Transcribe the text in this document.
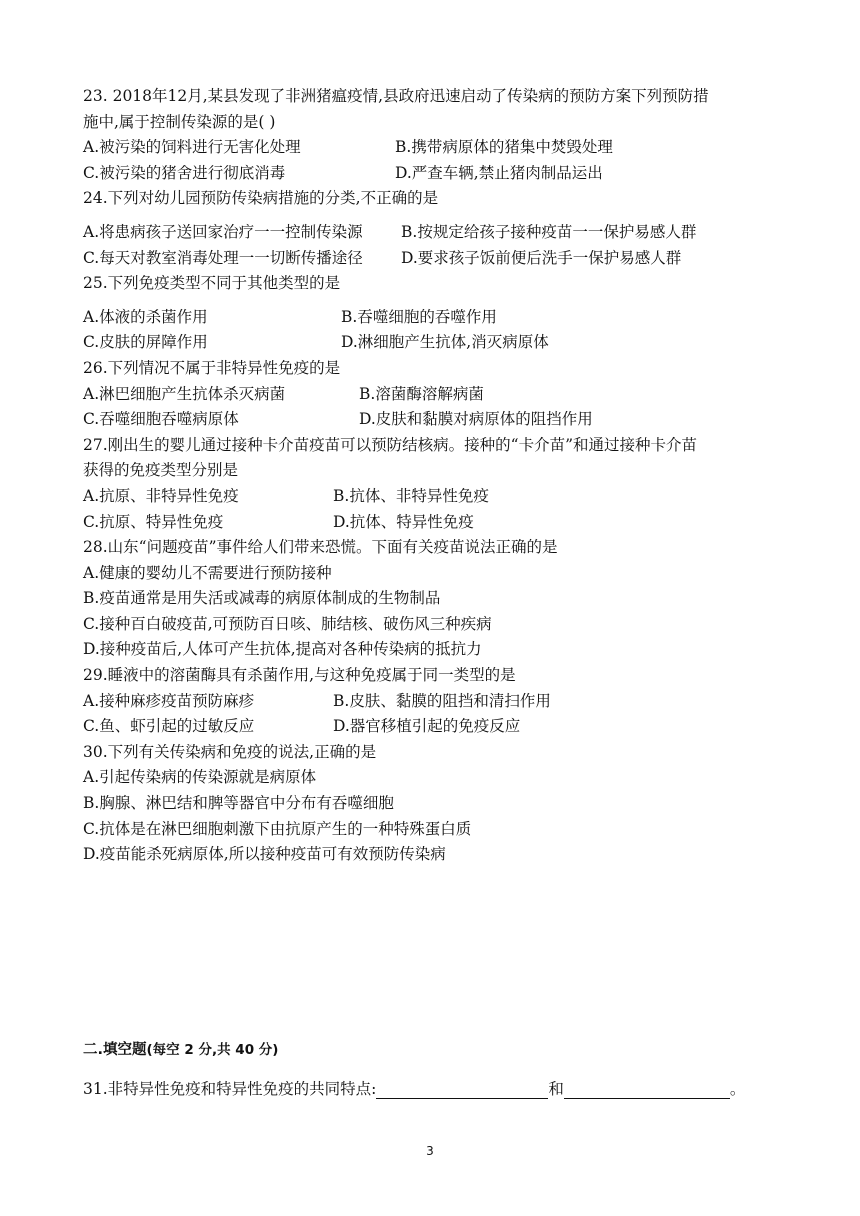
23. 2018年12月,某县发现了非洲猪瘟疫情,县政府迅速启动了传染病的预防方案下列预防措
施中,属于控制传染源的是( )
A.被污染的饲料进行无害化处理	B.携带病原体的猪集中焚毁处理
C.被污染的猪舍进行彻底消毒	D.严查车辆,禁止猪肉制品运出
24.下列对幼儿园预防传染病措施的分类,不正确的是
A.将患病孩子送回家治疗一一控制传染源 B.按规定给孩子接种疫苗一一保护易感人群
C.每天对教室消毒处理一一切断传播途径 D.要求孩子饭前便后洗手一保护易感人群
25.下列免疫类型不同于其他类型的是
A.体液的杀菌作用	B.吞噬细胞的吞噬作用
C.皮肤的屏障作用	D.淋细胞产生抗体,消灭病原体
26.下列情况不属于非特异性免疫的是
A.淋巴细胞产生抗体杀灭病菌	B.溶菌酶溶解病菌
C.吞噬细胞吞噬病原体	D.皮肤和黏膜对病原体的阻挡作用
27.刚出生的婴儿通过接种卡介苗疫苗可以预防结核病。接种的“卡介苗”和通过接种卡介苗
获得的免疫类型分别是
A.抗原、非特异性免疫	B.抗体、非特异性免疫
C.抗原、特异性免疫	D.抗体、特异性免疫
28.山东“问题疫苗”事件给人们带来恐慌。下面有关疫苗说法正确的是
A.健康的婴幼儿不需要进行预防接种
B.疫苗通常是用失活或减毒的病原体制成的生物制品
C.接种百白破疫苗,可预防百日咳、肺结核、破伤风三种疾病
D.接种疫苗后,人体可产生抗体,提高对各种传染病的抵抗力
29.睡液中的溶菌酶具有杀菌作用,与这种免疫属于同一类型的是
A.接种麻疹疫苗预防麻疹	B.皮肤、黏膜的阻挡和清扫作用
C.鱼、虾引起的过敏反应	D.器官移植引起的免疫反应
30.下列有关传染病和免疫的说法,正确的是
A.引起传染病的传染源就是病原体
B.胸腺、淋巴结和脾等器官中分布有吞噬细胞
C.抗体是在淋巴细胞刺激下由抗原产生的一种特殊蛋白质
D.疫苗能杀死病原体,所以接种疫苗可有效预防传染病
二.填空题(每空 2 分,共 40 分)
31.非特异性免疫和特异性免疫的共同特点:	和	。
3
